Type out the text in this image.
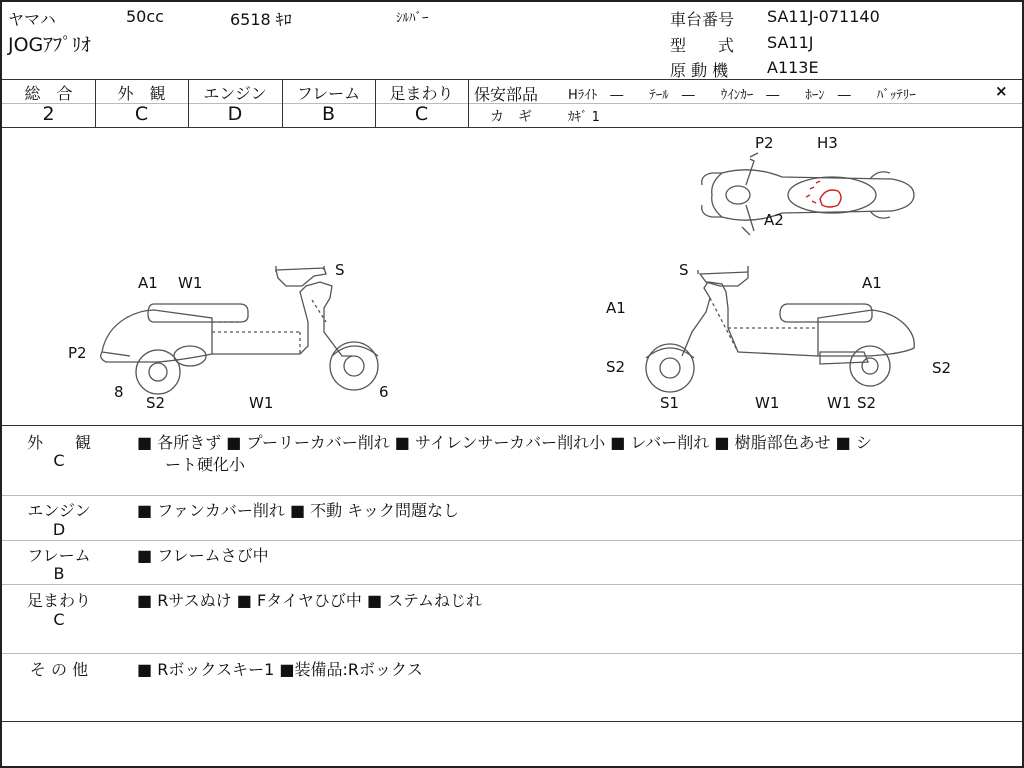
ヤマハ	50cc	6518 ｷﾛ	ｼﾙﾊﾞｰ
JOGｱﾌﾟﾘｵ
車台番号 SA11J-071140
型　　式 SA11J
原 動 機 A113E
総　合
2
外　観
C
エンジン
D
フレーム
B
足まわり
C
保安部品 Hﾗｲﾄ　―　　ﾃｰﾙ　―　　ｳｲﾝｶｰ　―　　ﾎｰﾝ　―　　ﾊﾞｯﾃﾘｰ	×
カ　ギ	ｶｷﾞ 1
A1 W1
S
P2
8
S2	W1
6
S
A1
A1
S2	S2
S1	W1	W1 S2
P2	H3
A2
外　　観
C
■ 各所きず ■ プーリーカバー削れ ■ サイレンサーカバー削れ小 ■ レバー削れ ■ 樹脂部色あせ ■ シ
ート硬化小
エンジン
D
■ ファンカバー削れ ■ 不動 キック問題なし
フレーム
B
■ フレームさび中
足まわり
C
■ Rサスぬけ ■ Fタイヤひび中 ■ ステムねじれ
そ の 他	■ Rボックスキー1 ■装備品:Rボックス
